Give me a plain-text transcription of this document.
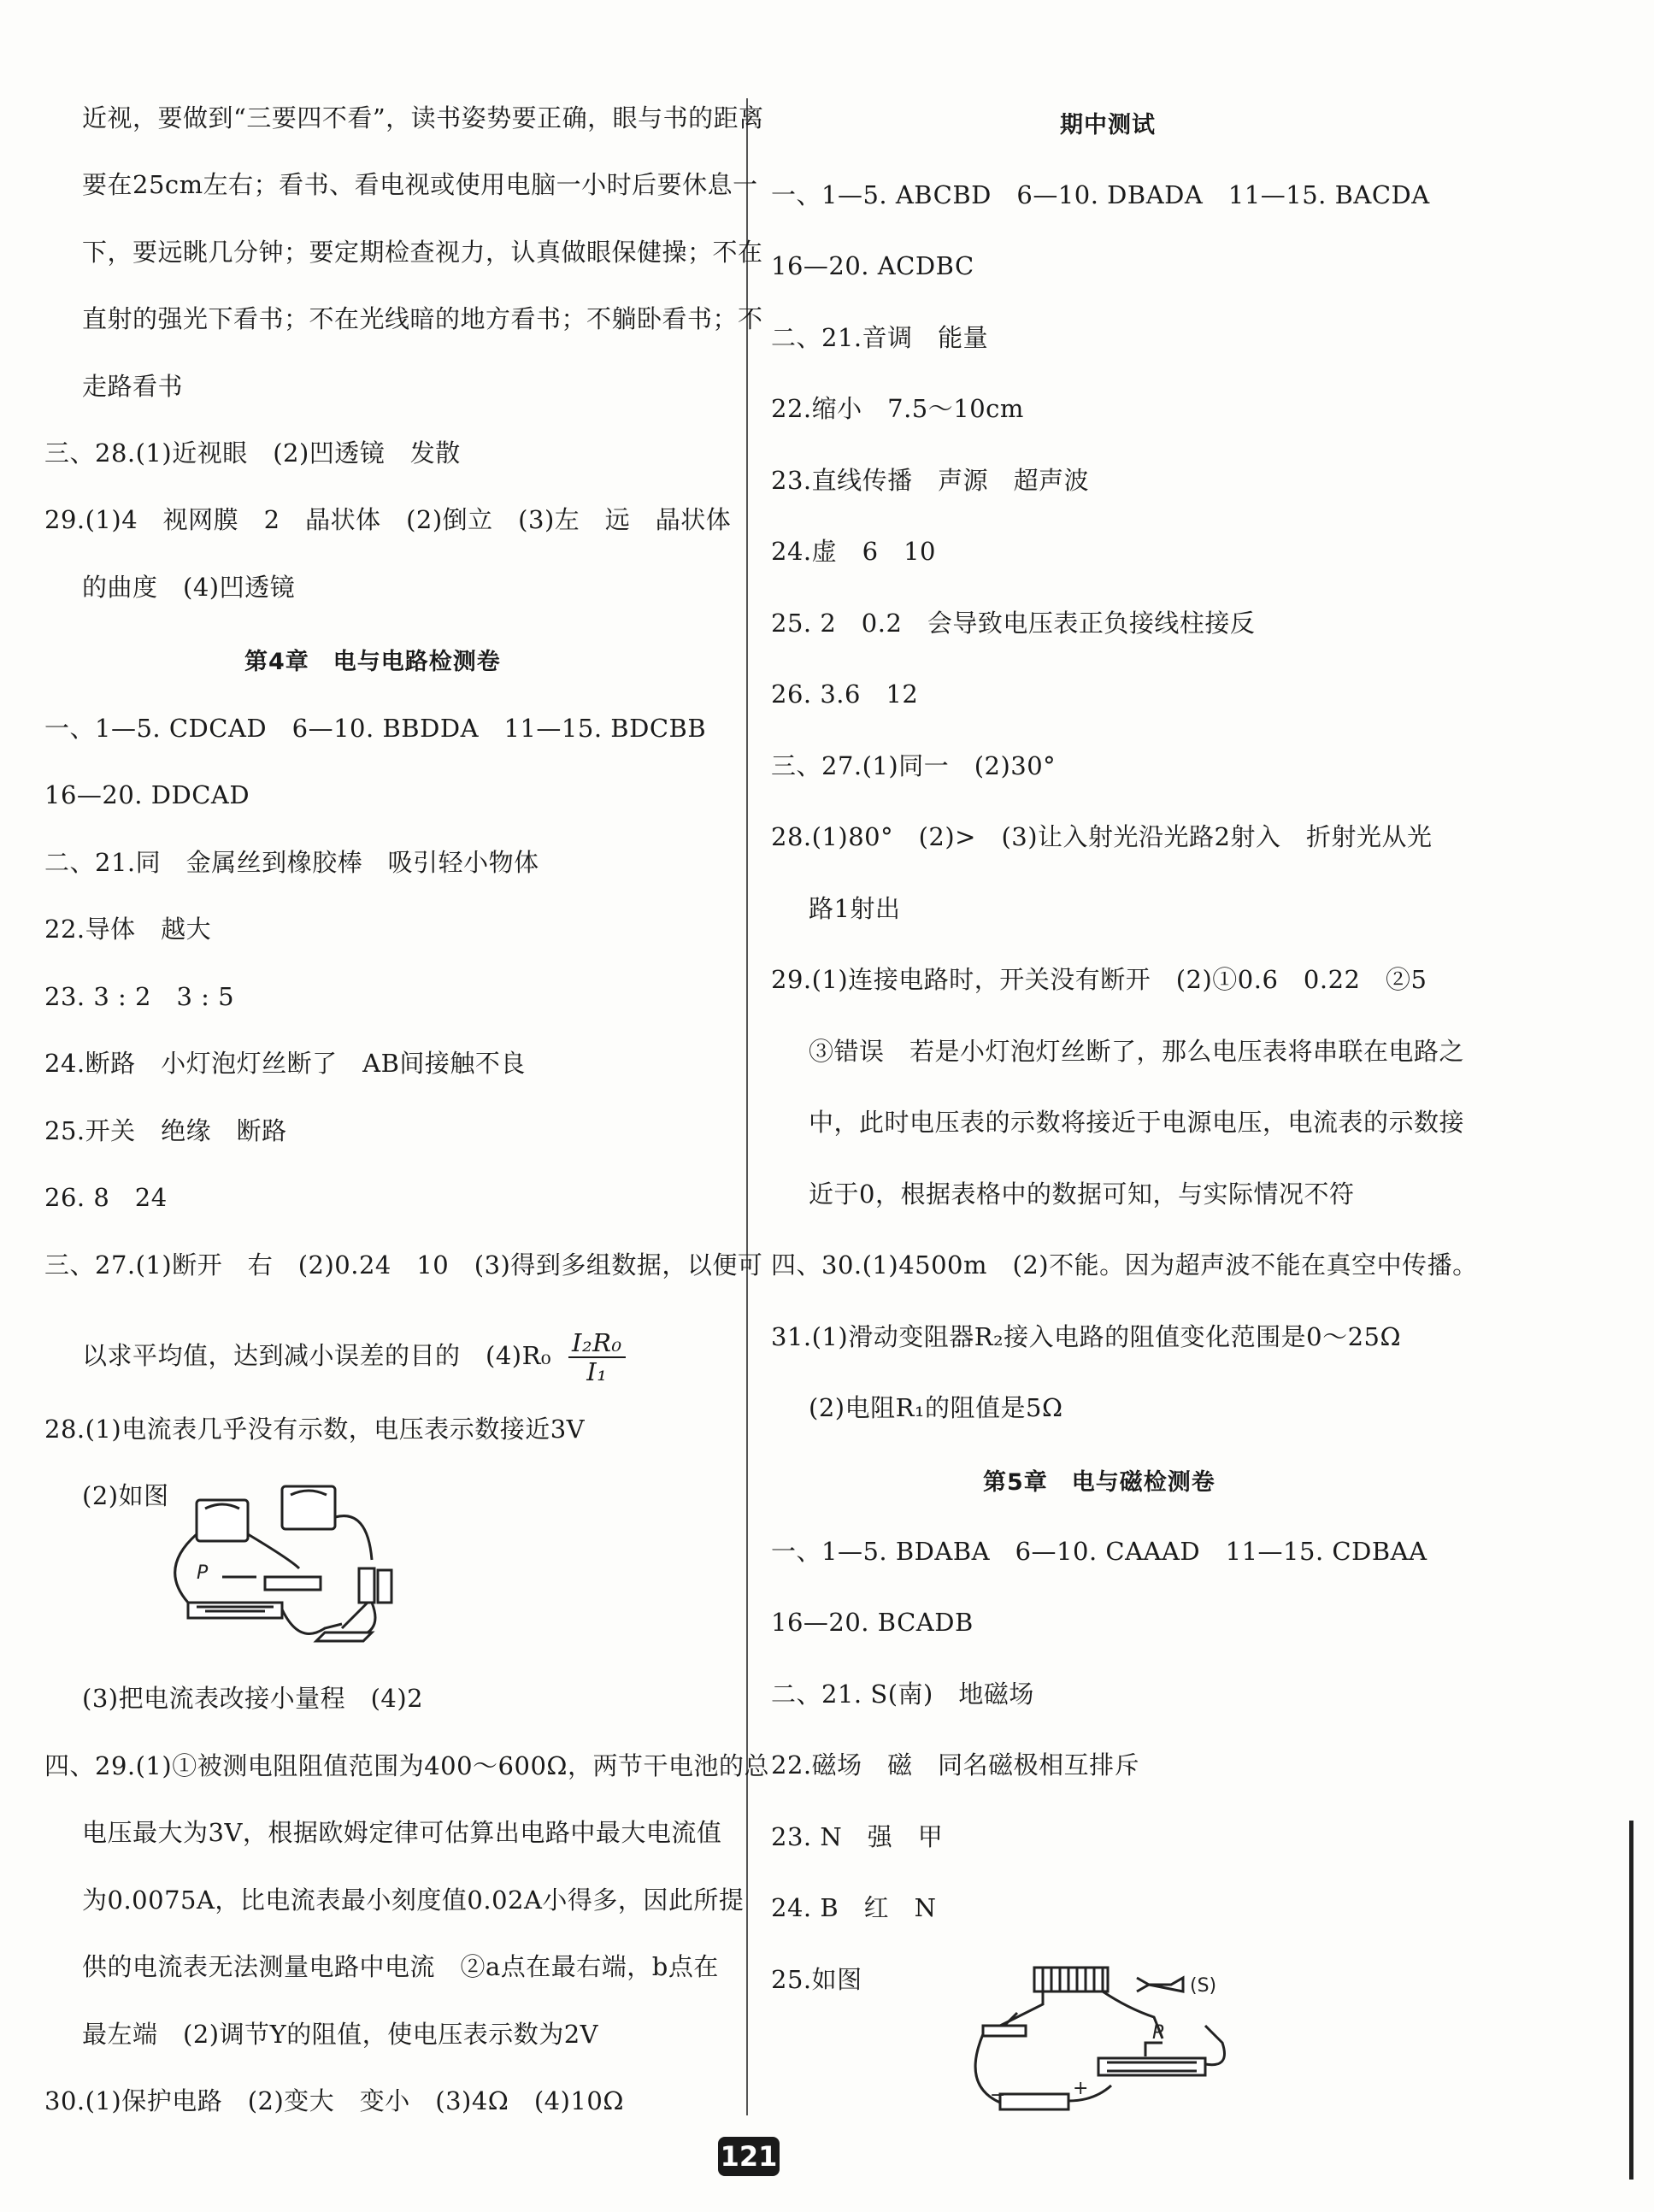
近视，要做到“三要四不看”，读书姿势要正确，眼与书的距离
要在25cm左右；看书、看电视或使用电脑一小时后要休息一
下，要远眺几分钟；要定期检查视力，认真做眼保健操；不在
直射的强光下看书；不在光线暗的地方看书；不躺卧看书；不
走路看书
三、28.(1)近视眼　(2)凹透镜　发散
29.(1)4　视网膜　2　晶状体　(2)倒立　(3)左　远　晶状体
的曲度　(4)凹透镜
第4章　电与电路检测卷
一、1—5. CDCAD　6—10. BBDDA　11—15. BDCBB
16—20. DDCAD
二、21.同　金属丝到橡胶棒　吸引轻小物体
22.导体　越大
23. 3 : 2　3 : 5
24.断路　小灯泡灯丝断了　AB间接触不良
25.开关　绝缘　断路
26. 8　24
三、27.(1)断开　右　(2)0.24　10　(3)得到多组数据，以便可
以求平均值，达到减小误差的目的　$(4)R_0 \frac{\text{I₂R₀}}{\text{I₁}}$
28.(1)电流表几乎没有示数，电压表示数接近3V
(2)如图
P
(3)把电流表改接小量程　(4)2
四、29.(1)①被测电阻阻值范围为400～600Ω，两节干电池的总
电压最大为3V，根据欧姆定律可估算出电路中最大电流值
为0.0075A，比电流表最小刻度值0.02A小得多，因此所提
供的电流表无法测量电路中电流　②a点在最右端，b点在
最左端　(2)调节Y的阻值，使电压表示数为2V
30.(1)保护电路　(2)变大　变小　(3)4Ω　(4)10Ω
期中测试
一、1—5. ABCBD　6—10. DBADA　11—15. BACDA
16—20. ACDBC
二、21.音调　能量
22.缩小　7.5～10cm
23.直线传播　声源　超声波
24.虚　6　10
25. 2　0.2　会导致电压表正负接线柱接反
26. 3.6　12
三、27.(1)同一　(2)30°
28.(1)80°　(2)>　(3)让入射光沿光路2射入　折射光从光
路1射出
29.(1)连接电路时，开关没有断开　(2)①0.6　0.22　②5
③错误　若是小灯泡灯丝断了，那么电压表将串联在电路之
中，此时电压表的示数将接近于电源电压，电流表的示数接
近于0，根据表格中的数据可知，与实际情况不符
四、30.(1)4500m　(2)不能。因为超声波不能在真空中传播。
31.(1)滑动变阻器R₂接入电路的阻值变化范围是0～25Ω
(2)电阻R₁的阻值是5Ω
第5章　电与磁检测卷
一、1—5. BDABA　6—10. CAAAD　11—15. CDBAA
16—20. BCADB
二、21. S(南)　地磁场
22.磁场　磁　同名磁极相互排斥
23. N　强　甲
24. B　红　N
25.如图	(S)
P
−	+
121
